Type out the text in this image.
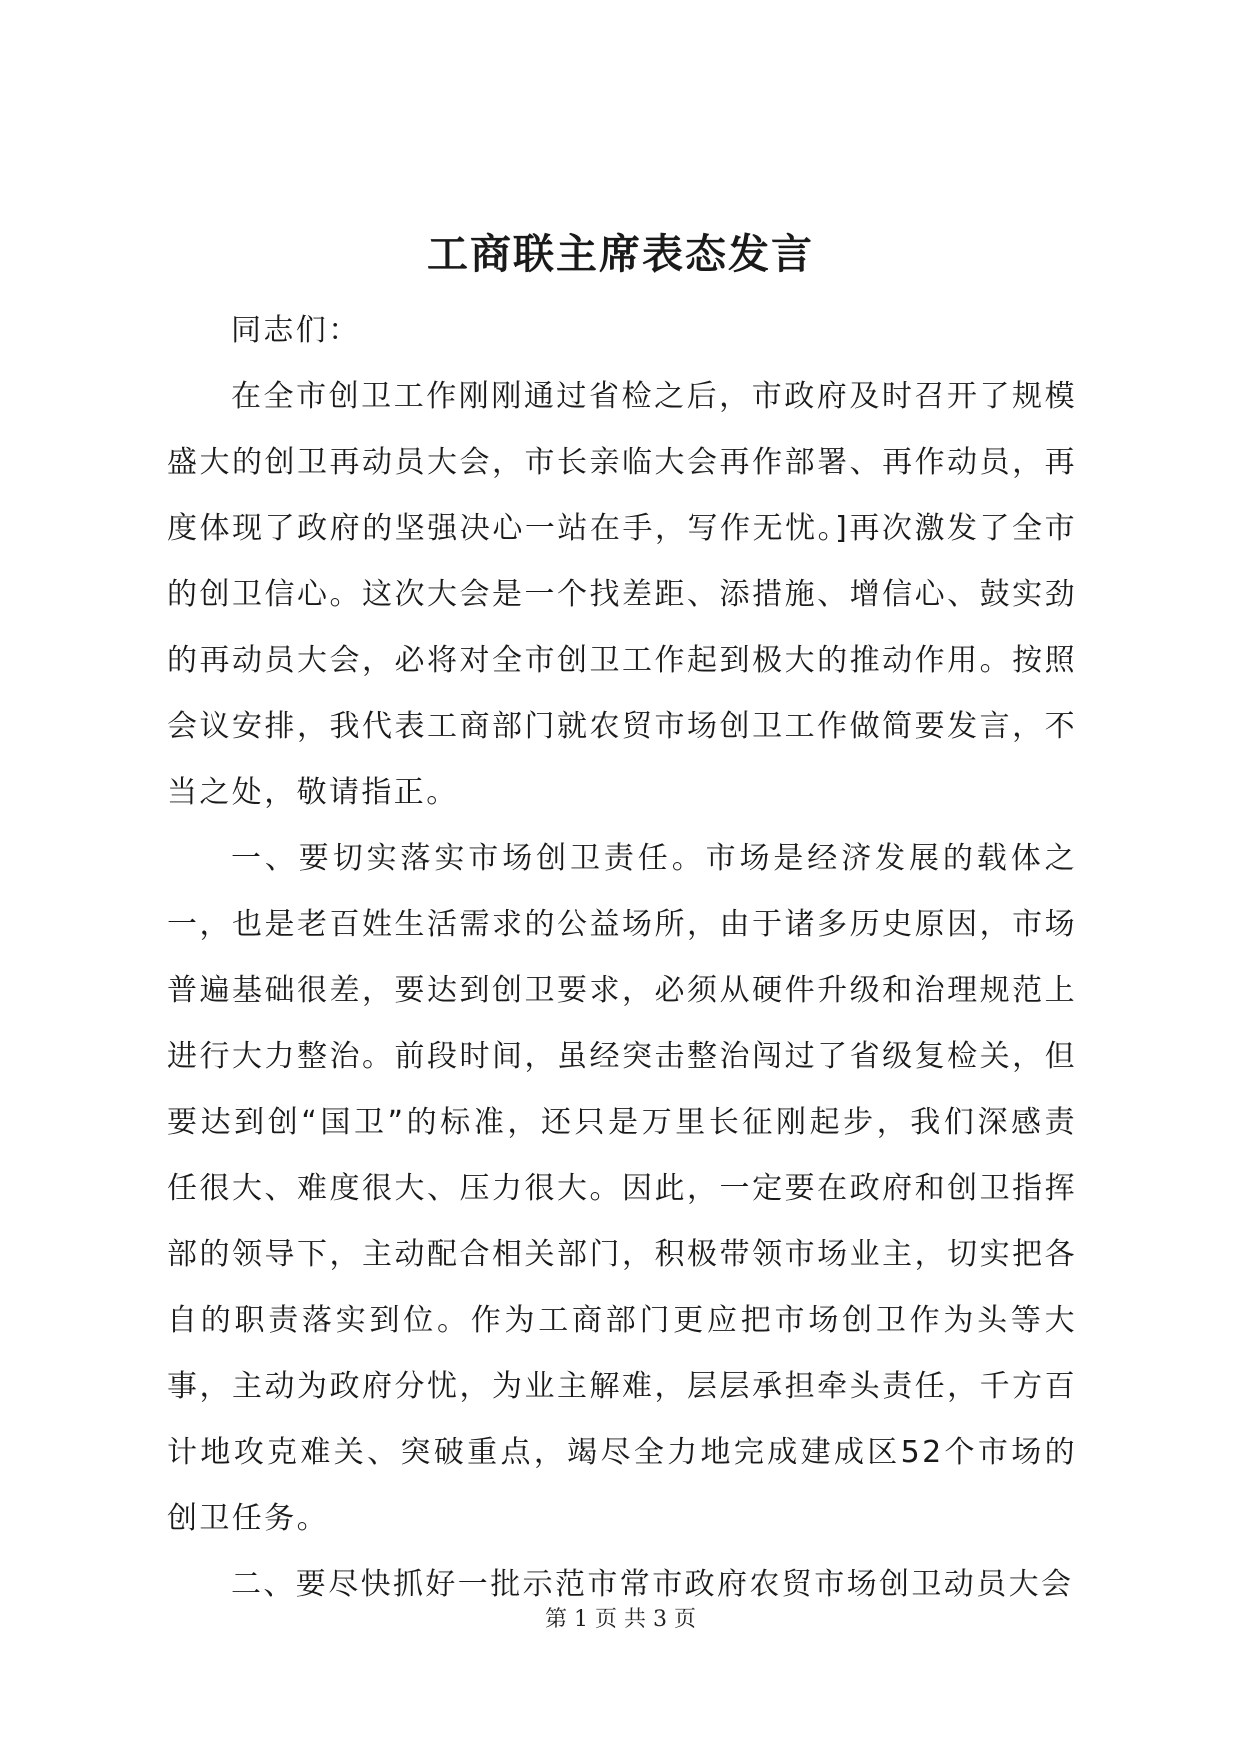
工商联主席表态发言

同志们：

在全市创卫工作刚刚通过省检之后，市政府及时召开了规模盛大的创卫再动员大会，市长亲临大会再作部署、再作动员，再度体现了政府的坚强决心一站在手，写作无忧。]再次激发了全市的创卫信心。这次大会是一个找差距、添措施、增信心、鼓实劲的再动员大会，必将对全市创卫工作起到极大的推动作用。按照会议安排，我代表工商部门就农贸市场创卫工作做简要发言，不当之处，敬请指正。

一、要切实落实市场创卫责任。市场是经济发展的载体之一，也是老百姓生活需求的公益场所，由于诸多历史原因，市场普遍基础很差，要达到创卫要求，必须从硬件升级和治理规范上进行大力整治。前段时间，虽经突击整治闯过了省级复检关，但要达到创“国卫”的标准，还只是万里长征刚起步，我们深感责任很大、难度很大、压力很大。因此，一定要在政府和创卫指挥部的领导下，主动配合相关部门，积极带领市场业主，切实把各自的职责落实到位。作为工商部门更应把市场创卫作为头等大事，主动为政府分忧，为业主解难，层层承担牵头责任，千方百计地攻克难关、突破重点，竭尽全力地完成建成区52个市场的创卫任务。

二、要尽快抓好一批示范市常市政府农贸市场创卫动员大会

第 1 页 共 3 页
